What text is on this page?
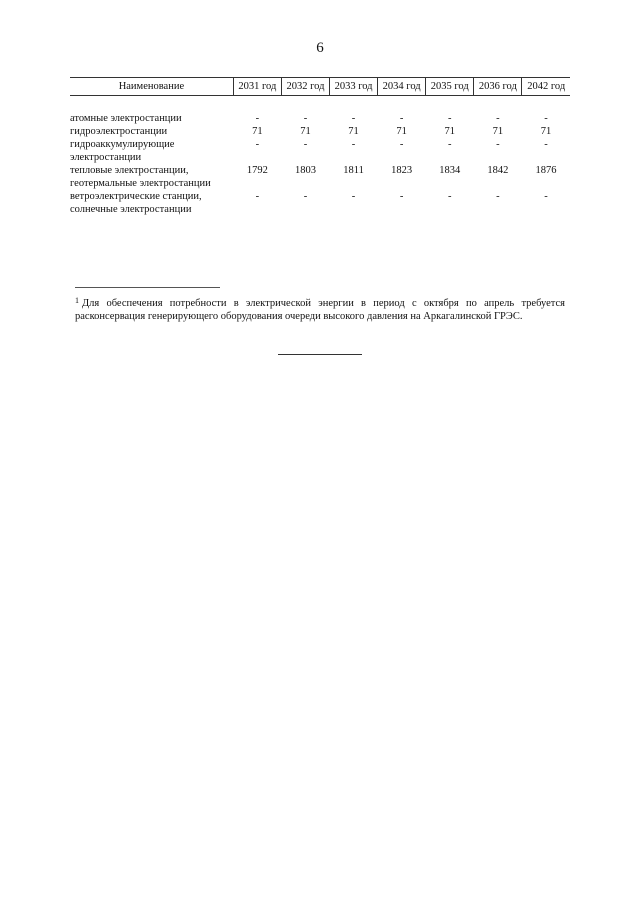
6
Наименование	2031 год	2032 год	2033 год	2034 год	2035 год	2036 год	2042 год

атомные электростанции	-	-	-	-	-	-	-
гидроэлектростанции	71	71	71	71	71	71	71
гидроаккумулирующие электростанции	-	-	-	-	-	-	-
тепловые электростанции, геотермальные электростанции	1792	1803	1811	1823	1834	1842	1876
ветроэлектрические станции, солнечные электростанции	-	-	-	-	-	-	-
$^1$ Для обеспечения потребности в электрической энергии в период с октября по апрель требуется расконсервация генерирующего оборудования очереди высокого давления на Аркагалинской ГРЭС.
